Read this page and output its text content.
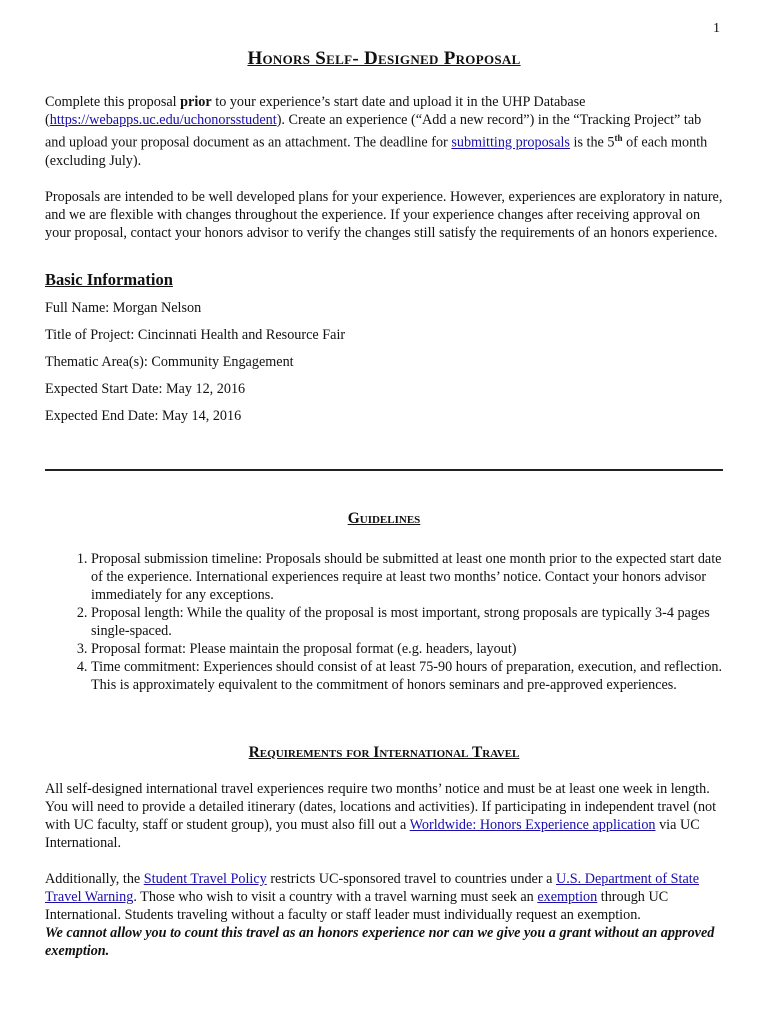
1
Honors Self- Designed Proposal

Complete this proposal prior to your experience’s start date and upload it in the UHP Database (https://webapps.uc.edu/uchonorsstudent). Create an experience (“Add a new record”) in the “Tracking Project” tab and upload your proposal document as an attachment. The deadline for submitting proposals is the 5th of each month (excluding July).

Proposals are intended to be well developed plans for your experience. However, experiences are exploratory in nature, and we are flexible with changes throughout the experience. If your experience changes after receiving approval on your proposal, contact your honors advisor to verify the changes still satisfy the requirements of an honors experience.

Basic Information

Full Name: Morgan Nelson

Title of Project: Cincinnati Health and Resource Fair

Thematic Area(s): Community Engagement

Expected Start Date: May 12, 2016

Expected End Date: May 14, 2016

Guidelines
1. Proposal submission timeline: Proposals should be submitted at least one month prior to the expected start date of the experience. International experiences require at least two months’ notice. Contact your honors advisor immediately for any exceptions.
2. Proposal length: While the quality of the proposal is most important, strong proposals are typically 3-4 pages single-spaced.
3. Proposal format: Please maintain the proposal format (e.g. headers, layout)
4. Time commitment: Experiences should consist of at least 75-90 hours of preparation, execution, and reflection. This is approximately equivalent to the commitment of honors seminars and pre-approved experiences.
Requirements for International Travel

All self-designed international travel experiences require two months’ notice and must be at least one week in length. You will need to provide a detailed itinerary (dates, locations and activities). If participating in independent travel (not with UC faculty, staff or student group), you must also fill out a Worldwide: Honors Experience application via UC International.

Additionally, the Student Travel Policy restricts UC-sponsored travel to countries under a U.S. Department of State Travel Warning. Those who wish to visit a country with a travel warning must seek an exemption through UC International. Students traveling without a faculty or staff leader must individually request an exemption.
We cannot allow you to count this travel as an honors experience nor can we give you a grant without an approved exemption.
